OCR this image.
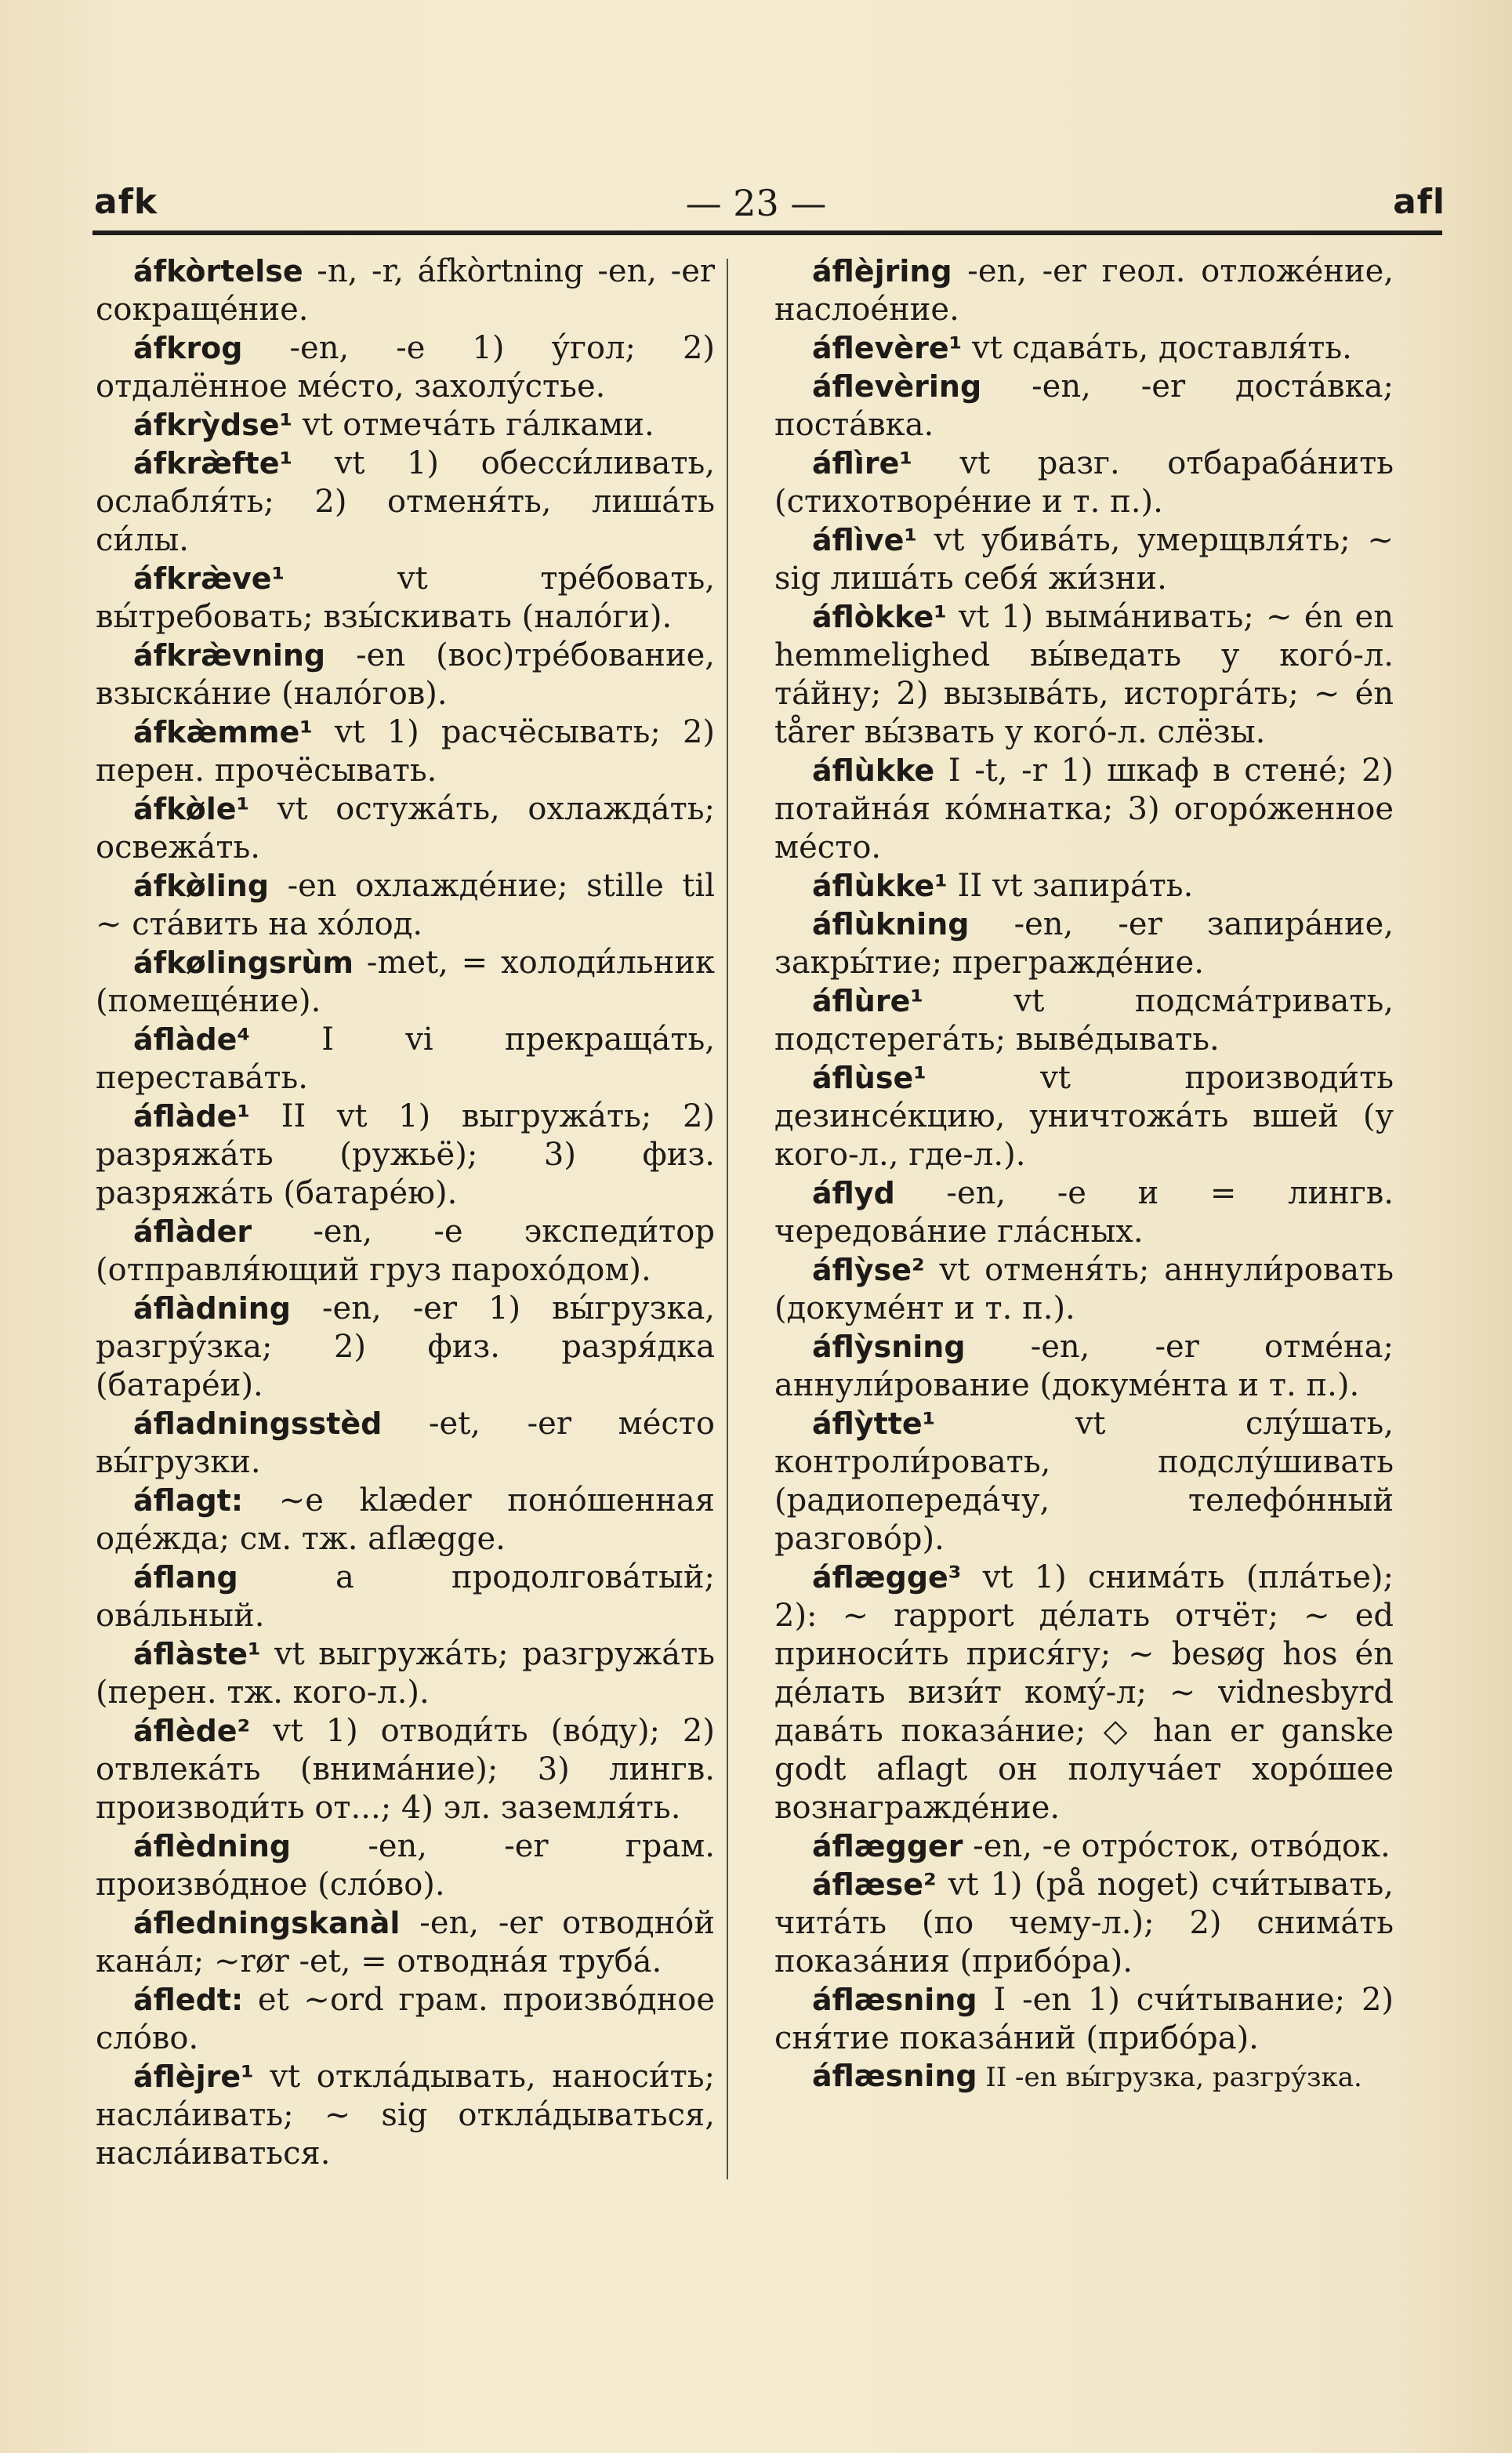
afk	— 23 —	afl

áfkòrtelse -n, -r, áfkòrtning -en, -er сокраще́ние.

áfkrog -en, -e 1) у́гол; 2) отдалённое ме́сто, захолу́стье.

áfkrỳdse¹ vt отмеча́ть га́лками.

áfkræ̀fte¹ vt 1) обесси́ливать, ослабля́ть; 2) отменя́ть, лиша́ть си́лы.

áfkræ̀ve¹ vt тре́бовать, вы́требовать; взы́скивать (нало́ги).

áfkræ̀vning -en (вос)тре́бование, взыска́ние (нало́гов).

áfkæ̀mme¹ vt 1) расчёсывать; 2) перен. прочёсывать.

áfkø̀le¹ vt остужа́ть, охлажда́ть; освежа́ть.

áfkø̀ling -en охлажде́ние; stille til ~ ста́вить на хо́лод.

áfkølingsrùm -met, = холоди́льник (помеще́ние).

áflàde⁴ I vi прекраща́ть, перестава́ть.

áflàde¹ II vt 1) выгружа́ть; 2) разряжа́ть (ружьё); 3) физ. разряжа́ть (батаре́ю).

áflàder -en, -e экспеди́тор (отправля́ющий груз парохо́дом).

áflàdning -en, -er 1) вы́грузка, разгру́зка; 2) физ. разря́дка (батаре́и).

áfladningsstèd -et, -er ме́сто вы́грузки.

áflagt: ~e klæder поно́шенная оде́жда; см. тж. aflægge.

áflang a продолгова́тый; ова́льный.

áflàste¹ vt выгружа́ть; разгружа́ть (перен. тж. кого-л.).

áflède² vt 1) отводи́ть (во́ду); 2) отвлека́ть (внима́ние); 3) лингв. производи́ть от...; 4) эл. заземля́ть.

áflèdning -en, -er грам. произво́дное (сло́во).

áfledningskanàl -en, -er отводно́й кана́л; ~rør -et, = отводна́я труба́.

áfledt: et ~ord грам. произво́дное сло́во.

áflèjre¹ vt откла́дывать, наноси́ть; насла́ивать; ~ sig откла́дываться, насла́иваться.

áflèjring -en, -er геол. отложе́ние, наслое́ние.

áflevère¹ vt сдава́ть, доставля́ть.

áflevèring -en, -er доста́вка; поста́вка.

áflìre¹ vt разг. отбараба́нить (стихотворе́ние и т. п.).

áflìve¹ vt убива́ть, умерщвля́ть; ~ sig лиша́ть себя́ жи́зни.

áflòkke¹ vt 1) выма́нивать; ~ én en hemmelighed вы́ведать у кого́-л. та́йну; 2) вызыва́ть, исторга́ть; ~ én tårer вы́звать у кого́-л. слёзы.

áflùkke I -t, -r 1) шкаф в стене́; 2) потайна́я ко́мнатка; 3) огоро́женное ме́сто.

áflùkke¹ II vt запира́ть.

áflùkning -en, -er запира́ние, закры́тие; прегражде́ние.

áflùre¹ vt подсма́тривать, подстерега́ть; выве́дывать.

áflùse¹ vt производи́ть дезинсе́кцию, уничтожа́ть вшей (у кого-л., где-л.).

áflyd -en, -e и = лингв. чередова́ние гла́сных.

áflỳse² vt отменя́ть; аннули́ровать (докуме́нт и т. п.).

áflỳsning -en, -er отме́на; аннули́рование (докуме́нта и т. п.).

áflỳtte¹ vt слу́шать, контроли́ровать, подслу́шивать (радиопереда́чу, телефо́нный разгово́р).

áflægge³ vt 1) снима́ть (пла́тье); 2): ~ rapport де́лать отчёт; ~ ed приноси́ть прися́гу; ~ besøg hos én де́лать визи́т кому́-л; ~ vidnesbyrd дава́ть показа́ние; ◇ han er ganske godt aflagt он получа́ет хоро́шее вознагражде́ние.

áflægger -en, -e отро́сток, отво́док.

áflæse² vt 1) (på noget) счи́тывать, чита́ть (по чему-л.); 2) снима́ть показа́ния (прибо́ра).

áflæsning I -en 1) счи́тывание; 2) сня́тие показа́ний (прибо́ра).

áflæsning II -en вы́грузка, разгру́зка.
